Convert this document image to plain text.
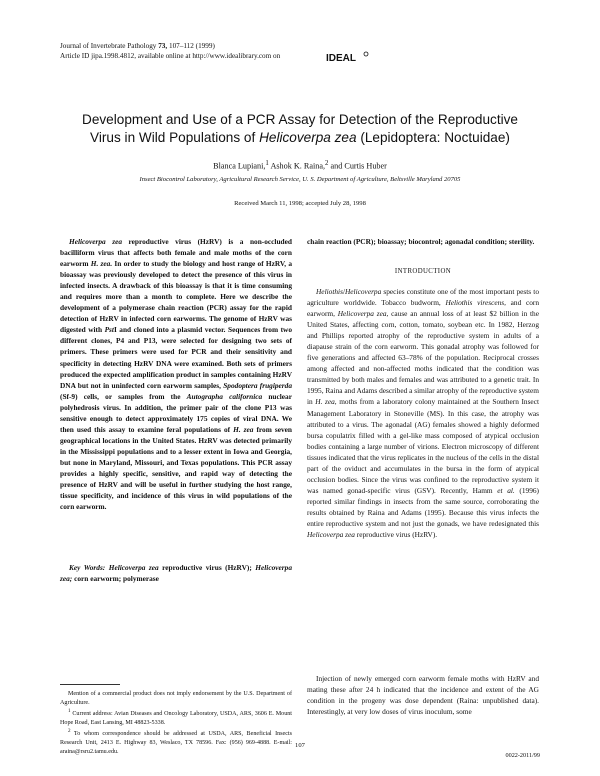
Journal of Invertebrate Pathology 73, 107–112 (1999)
Article ID jipa.1998.4812, available online at http://www.idealibrary.com on	IDEAL
Development and Use of a PCR Assay for Detection of the Reproductive
Virus in Wild Populations of Helicoverpa zea (Lepidoptera: Noctuidae)
Blanca Lupiani,$^1$ Ashok K. Raina,$^2$ and Curtis Huber
Insect Biocontrol Laboratory, Agricultural Research Service, U. S. Department of Agriculture, Beltsville Maryland 20705
Received March 11, 1998; accepted July 28, 1998

Helicoverpa zea reproductive virus (HzRV) is a non-occluded bacilliform virus that affects both female and male moths of the corn earworm H. zea. In order to study the biology and host range of HzRV, a bioassay was previously developed to detect the presence of this virus in infected insects. A drawback of this bioassay is that it is time consuming and requires more than a month to complete. Here we describe the development of a polymerase chain reaction (PCR) assay for the rapid detection of HzRV in infected corn earworms. The genome of HzRV was digested with PstI and cloned into a plasmid vector. Sequences from two different clones, P4 and P13, were selected for designing two sets of primers. These primers were used for PCR and their sensitivity and specificity in detecting HzRV DNA were examined. Both sets of primers produced the expected amplification product in samples containing HzRV DNA but not in uninfected corn earworm samples, Spodoptera frugiperda (Sf-9) cells, or samples from the Autographa californica nuclear polyhedrosis virus. In addition, the primer pair of the clone P13 was sensitive enough to detect approximately 175 copies of viral DNA. We then used this assay to examine feral populations of H. zea from seven geographical locations in the United States. HzRV was detected primarily in the Mississippi populations and to a lesser extent in Iowa and Georgia, but none in Maryland, Missouri, and Texas populations. This PCR assay provides a highly specific, sensitive, and rapid way of detecting the presence of HzRV and will be useful in further studying the host range, tissue specificity, and incidence of this virus in wild populations of the corn earworm.

Key Words: Helicoverpa zea reproductive virus (HzRV); Helicoverpa zea; corn earworm; polymerase

chain reaction (PCR); bioassay; biocontrol; agonadal condition; sterility.

INTRODUCTION

Heliothis/Helicoverpa species constitute one of the most important pests to agriculture worldwide. Tobacco budworm, Heliothis virescens, and corn earworm, Helicoverpa zea, cause an annual loss of at least $2 billion in the United States, affecting corn, cotton, tomato, soybean etc. In 1982, Herzog and Phillips reported atrophy of the reproductive system in adults of a diapause strain of the corn earworm. This gonadal atrophy was followed for five generations and affected 63–78% of the population. Reciprocal crosses among affected and non-affected moths indicated that the condition was transmitted by both males and females and was attributed to a genetic trait. In 1995, Raina and Adams described a similar atrophy of the reproductive system in H. zea, moths from a laboratory colony maintained at the Southern Insect Management Laboratory in Stoneville (MS). In this case, the atrophy was attributed to a virus. The agonadal (AG) females showed a highly deformed bursa copulatrix filled with a gel-like mass composed of atypical occlusion bodies containing a large number of virions. Electron microscopy of different tissues indicated that the virus replicates in the nucleus of the cells in the distal part of the oviduct and accumulates in the bursa in the form of atypical occlusion bodies. Since the virus was confined to the reproductive system it was named gonad-specific virus (GSV). Recently, Hamm et al. (1996) reported similar findings in insects from the same source, corroborating the results obtained by Raina and Adams (1995). Because this virus infects the entire reproductive system and not just the gonads, we have redesignated this Helicoverpa zea reproductive virus (HzRV).

Injection of newly emerged corn earworm female moths with HzRV and mating these after 24 h indicated that the incidence and extent of the AG condition in the progeny was dose dependent (Raina: unpublished data). Interestingly, at very low doses of virus inoculum, some

Mention of a commercial product does not imply endorsement by the U.S. Department of Agriculture.

$^1$ Current address: Avian Diseases and Oncology Laboratory, USDA, ARS, 3606 E. Mount Hope Road, East Lansing, MI 48823-5338.

$^2$ To whom correspondence should be addressed at USDA, ARS, Beneficial Insects Research Unit, 2413 E. Highway 83, Weslaco, TX 78596. Fax: (956) 969-4888. E-mail: araina@rsru2.tamu.edu.

107
0022-2011/99
